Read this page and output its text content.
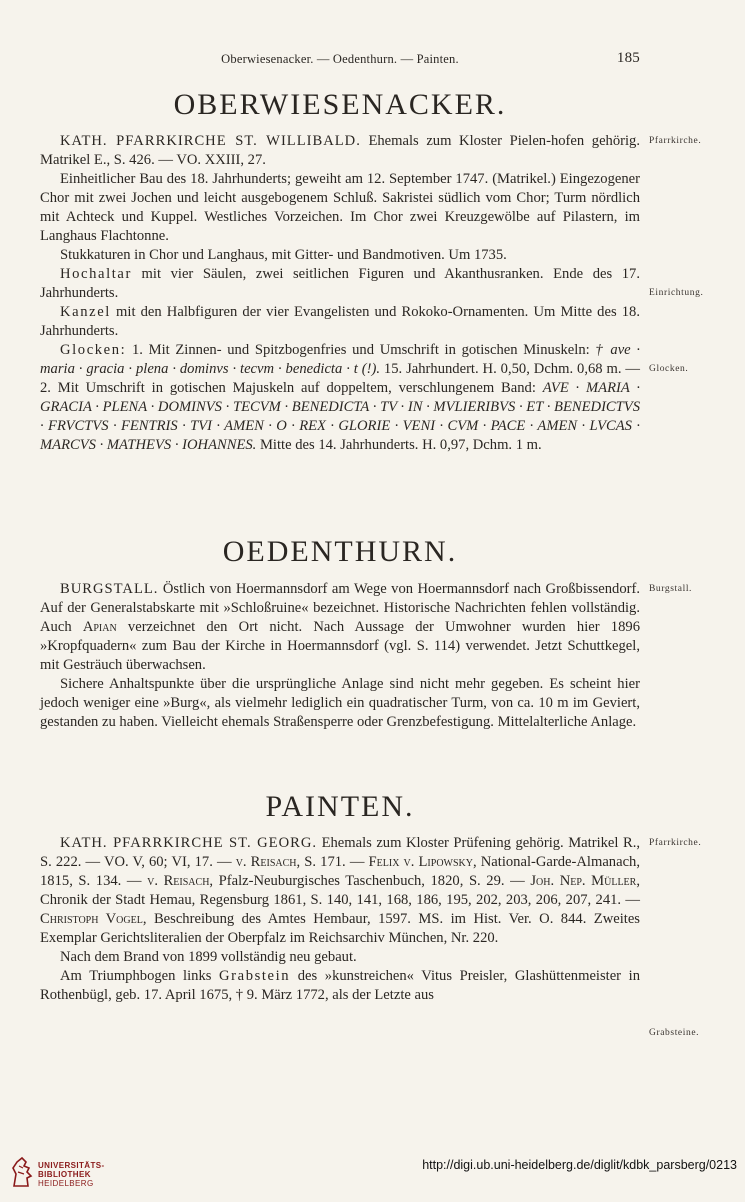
Oberwiesenacker. — Oedenthurn. — Painten.	185
OBERWIESENACKER.

KATH. PFARRKIRCHE ST. WILLIBALD. Ehemals zum Kloster Pielen-hofen gehörig. Matrikel E., S. 426. — VO. XXIII, 27.

Einheitlicher Bau des 18. Jahrhunderts; geweiht am 12. September 1747. (Matrikel.) Eingezogener Chor mit zwei Jochen und leicht ausgebogenem Schluß. Sakristei südlich vom Chor; Turm nördlich mit Achteck und Kuppel. Westliches Vorzeichen. Im Chor zwei Kreuzgewölbe auf Pilastern, im Langhaus Flachtonne.

Stukkaturen in Chor und Langhaus, mit Gitter- und Bandmotiven. Um 1735.

Hochaltar mit vier Säulen, zwei seitlichen Figuren und Akanthusranken. Ende des 17. Jahrhunderts.

Kanzel mit den Halbfiguren der vier Evangelisten und Rokoko-Ornamenten. Um Mitte des 18. Jahrhunderts.

Glocken: 1. Mit Zinnen- und Spitzbogenfries und Umschrift in gotischen Minuskeln: † ave · maria · gracia · plena · dominvs · tecvm · benedicta · t (!). 15. Jahrhundert. H. 0,50, Dchm. 0,68 m. — 2. Mit Umschrift in gotischen Majuskeln auf doppeltem, verschlungenem Band: AVE · MARIA · GRACIA · PLENA · DOMINVS · TECVM · BENEDICTA · TV · IN · MVLIERIBVS · ET · BENEDICTVS · FRVCTVS · FENTRIS · TVI · AMEN · O · REX · GLORIE · VENI · CVM · PACE · AMEN · LVCAS · MARCVS · MATHEVS · IOHANNES. Mitte des 14. Jahrhunderts. H. 0,97, Dchm. 1 m.

OEDENTHURN.

BURGSTALL. Östlich von Hoermannsdorf am Wege von Hoermannsdorf nach Großbissendorf. Auf der Generalstabskarte mit »Schloßruine« bezeichnet. Historische Nachrichten fehlen vollständig. Auch Apian verzeichnet den Ort nicht. Nach Aussage der Umwohner wurden hier 1896 »Kropfquadern« zum Bau der Kirche in Hoermannsdorf (vgl. S. 114) verwendet. Jetzt Schuttkegel, mit Gesträuch überwachsen.

Sichere Anhaltspunkte über die ursprüngliche Anlage sind nicht mehr gegeben. Es scheint hier jedoch weniger eine »Burg«, als vielmehr lediglich ein quadratischer Turm, von ca. 10 m im Geviert, gestanden zu haben. Vielleicht ehemals Straßensperre oder Grenzbefestigung. Mittelalterliche Anlage.

PAINTEN.

KATH. PFARRKIRCHE ST. GEORG. Ehemals zum Kloster Prüfening gehörig. Matrikel R., S. 222. — VO. V, 60; VI, 17. — v. Reisach, S. 171. — Felix v. Lipowsky, National-Garde-Almanach, 1815, S. 134. — v. Reisach, Pfalz-Neuburgisches Taschenbuch, 1820, S. 29. — Joh. Nep. Müller, Chronik der Stadt Hemau, Regensburg 1861, S. 140, 141, 168, 186, 195, 202, 203, 206, 207, 241. — Christoph Vogel, Beschreibung des Amtes Hembaur, 1597. MS. im Hist. Ver. O. 844. Zweites Exemplar Gerichtsliteralien der Oberpfalz im Reichsarchiv München, Nr. 220.

Nach dem Brand von 1899 vollständig neu gebaut.

Am Triumphbogen links Grabstein des »kunstreichen« Vitus Preisler, Glashüttenmeister in Rothenbügl, geb. 17. April 1675, † 9. März 1772, als der Letzte aus

Pfarrkirche.
Einrichtung.
Glocken.
Burgstall.
Pfarrkirche.
Grabsteine.
UNIVERSITÄTS-
BIBLIOTHEK
HEIDELBERG
http://digi.ub.uni-heidelberg.de/diglit/kdbk_parsberg/0213
